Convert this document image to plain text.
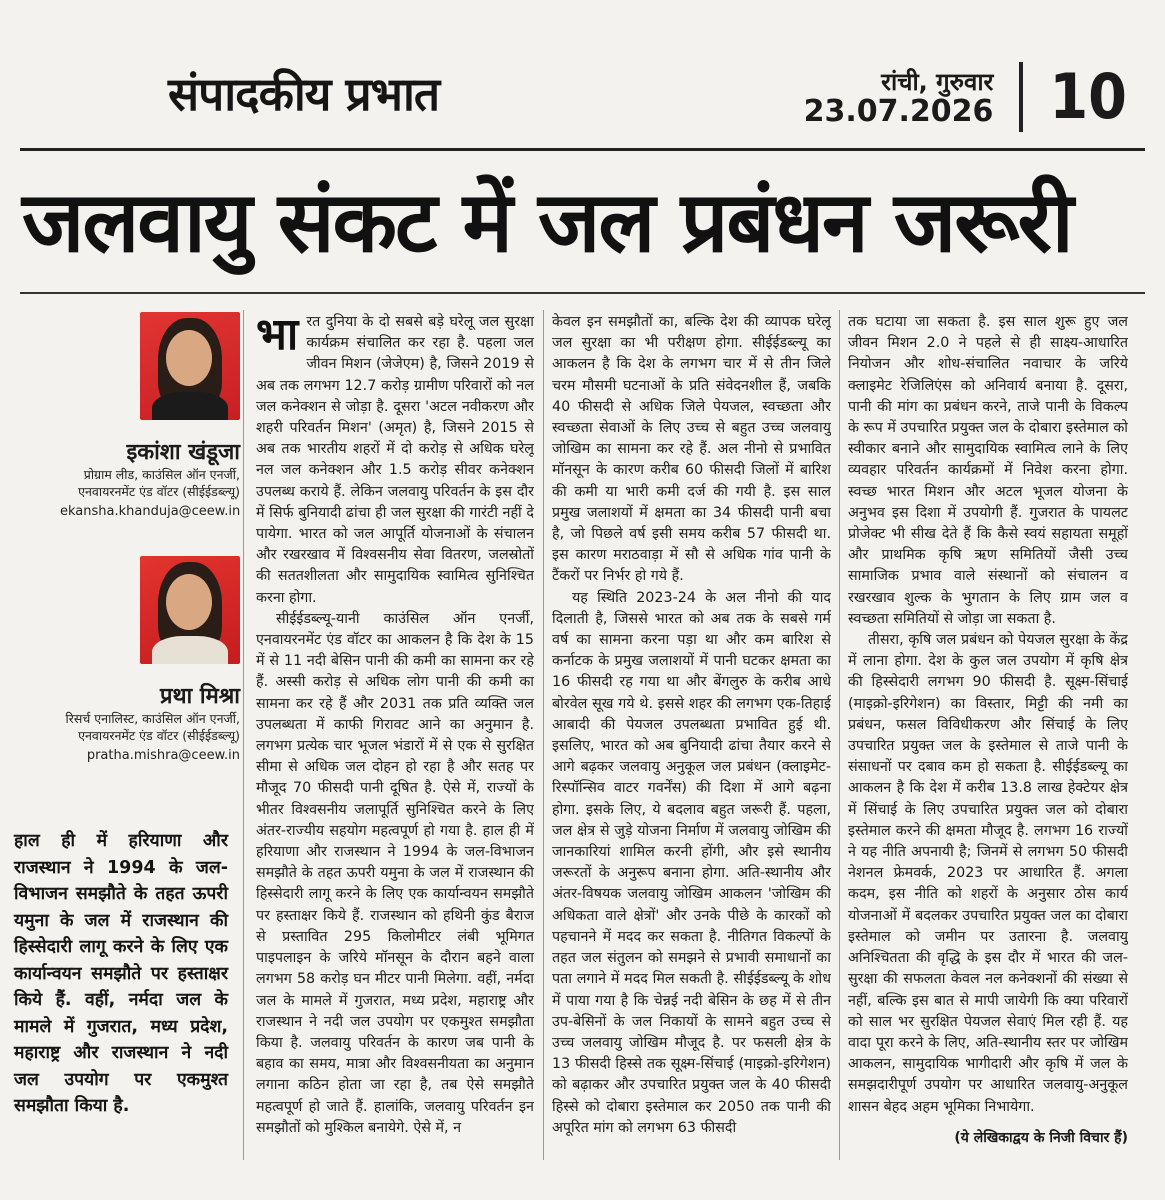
संपादकीय प्रभात	रांची, गुरुवार
23.07.2026 10
जलवायु संकट में जल प्रबंधन जरूरी
इकांशा खंडूजा
प्रोग्राम लीड, काउंसिल ऑन एनर्जी, एनवायरनमेंट एंड वॉटर (सीईईडब्ल्यू)
ekansha.khanduja@ceew.in
प्रथा मिश्रा
रिसर्च एनालिस्ट, काउंसिल ऑन एनर्जी, एनवायरनमेंट एंड वॉटर (सीईईडब्ल्यू)
pratha.mishra@ceew.in
हाल ही में हरियाणा और राजस्थान ने 1994 के जल-विभाजन समझौते के तहत ऊपरी यमुना के जल में राजस्थान की हिस्सेदारी लागू करने के लिए एक कार्यान्वयन समझौते पर हस्ताक्षर किये हैं. वहीं, नर्मदा जल के मामले में गुजरात, मध्य प्रदेश, महाराष्ट्र और राजस्थान ने नदी जल उपयोग पर एकमुश्त समझौता किया है.

भारत दुनिया के दो सबसे बड़े घरेलू जल सुरक्षा कार्यक्रम संचालित कर रहा है. पहला जल जीवन मिशन (जेजेएम) है, जिसने 2019 से अब तक लगभग 12.7 करोड़ ग्रामीण परिवारों को नल जल कनेक्शन से जोड़ा है. दूसरा 'अटल नवीकरण और शहरी परिवर्तन मिशन' (अमृत) है, जिसने 2015 से अब तक भारतीय शहरों में दो करोड़ से अधिक घरेलू नल जल कनेक्शन और 1.5 करोड़ सीवर कनेक्शन उपलब्ध कराये हैं. लेकिन जलवायु परिवर्तन के इस दौर में सिर्फ बुनियादी ढांचा ही जल सुरक्षा की गारंटी नहीं दे पायेगा. भारत को जल आपूर्ति योजनाओं के संचालन और रखरखाव में विश्वसनीय सेवा वितरण, जलस्रोतों की सततशीलता और सामुदायिक स्वामित्व सुनिश्चित करना होगा.

सीईईडब्ल्यू-यानी काउंसिल ऑन एनर्जी, एनवायरनमेंट एंड वॉटर का आकलन है कि देश के 15 में से 11 नदी बेसिन पानी की कमी का सामना कर रहे हैं. अस्सी करोड़ से अधिक लोग पानी की कमी का सामना कर रहे हैं और 2031 तक प्रति व्यक्ति जल उपलब्धता में काफी गिरावट आने का अनुमान है. लगभग प्रत्येक चार भूजल भंडारों में से एक से सुरक्षित सीमा से अधिक जल दोहन हो रहा है और सतह पर मौजूद 70 फीसदी पानी दूषित है. ऐसे में, राज्यों के भीतर विश्वसनीय जलापूर्ति सुनिश्चित करने के लिए अंतर-राज्यीय सहयोग महत्वपूर्ण हो गया है. हाल ही में हरियाणा और राजस्थान ने 1994 के जल-विभाजन समझौते के तहत ऊपरी यमुना के जल में राजस्थान की हिस्सेदारी लागू करने के लिए एक कार्यान्वयन समझौते पर हस्ताक्षर किये हैं. राजस्थान को हथिनी कुंड बैराज से प्रस्तावित 295 किलोमीटर लंबी भूमिगत पाइपलाइन के जरिये मॉनसून के दौरान बहने वाला लगभग 58 करोड़ घन मीटर पानी मिलेगा. वहीं, नर्मदा जल के मामले में गुजरात, मध्य प्रदेश, महाराष्ट्र और राजस्थान ने नदी जल उपयोग पर एकमुश्त समझौता किया है. जलवायु परिवर्तन के कारण जब पानी के बहाव का समय, मात्रा और विश्वसनीयता का अनुमान लगाना कठिन होता जा रहा है, तब ऐसे समझौते महत्वपूर्ण हो जाते हैं. हालांकि, जलवायु परिवर्तन इन समझौतों को मुश्किल बनायेगे. ऐसे में, न

केवल इन समझौतों का, बल्कि देश की व्यापक घरेलू जल सुरक्षा का भी परीक्षण होगा. सीईईडब्ल्यू का आकलन है कि देश के लगभग चार में से तीन जिले चरम मौसमी घटनाओं के प्रति संवेदनशील हैं, जबकि 40 फीसदी से अधिक जिले पेयजल, स्वच्छता और स्वच्छता सेवाओं के लिए उच्च से बहुत उच्च जलवायु जोखिम का सामना कर रहे हैं. अल नीनो से प्रभावित मॉनसून के कारण करीब 60 फीसदी जिलों में बारिश की कमी या भारी कमी दर्ज की गयी है. इस साल प्रमुख जलाशयों में क्षमता का 34 फीसदी पानी बचा है, जो पिछले वर्ष इसी समय करीब 57 फीसदी था. इस कारण मराठवाड़ा में सौ से अधिक गांव पानी के टैंकरों पर निर्भर हो गये हैं.

यह स्थिति 2023-24 के अल नीनो की याद दिलाती है, जिससे भारत को अब तक के सबसे गर्म वर्ष का सामना करना पड़ा था और कम बारिश से कर्नाटक के प्रमुख जलाशयों में पानी घटकर क्षमता का 16 फीसदी रह गया था और बेंगलुरु के करीब आधे बोरवेल सूख गये थे. इससे शहर की लगभग एक-तिहाई आबादी की पेयजल उपलब्धता प्रभावित हुई थी. इसलिए, भारत को अब बुनियादी ढांचा तैयार करने से आगे बढ़कर जलवायु अनुकूल जल प्रबंधन (क्लाइमेट-रिस्पॉन्सिव वाटर गवर्नेंस) की दिशा में आगे बढ़ना होगा. इसके लिए, ये बदलाव बहुत जरूरी हैं. पहला, जल क्षेत्र से जुड़े योजना निर्माण में जलवायु जोखिम की जानकारियां शामिल करनी होंगी, और इसे स्थानीय जरूरतों के अनुरूप बनाना होगा. अति-स्थानीय और अंतर-विषयक जलवायु जोखिम आकलन 'जोखिम की अधिकता वाले क्षेत्रों' और उनके पीछे के कारकों को पहचानने में मदद कर सकता है. नीतिगत विकल्पों के तहत जल संतुलन को समझने से प्रभावी समाधानों का पता लगाने में मदद मिल सकती है. सीईईडब्ल्यू के शोध में पाया गया है कि चेन्नई नदी बेसिन के छह में से तीन उप-बेसिनों के जल निकायों के सामने बहुत उच्च से उच्च जलवायु जोखिम मौजूद है. पर फसली क्षेत्र के 13 फीसदी हिस्से तक सूक्ष्म-सिंचाई (माइक्रो-इरिगेशन) को बढ़ाकर और उपचारित प्रयुक्त जल के 40 फीसदी हिस्से को दोबारा इस्तेमाल कर 2050 तक पानी की अपूरित मांग को लगभग 63 फीसदी

तक घटाया जा सकता है. इस साल शुरू हुए जल जीवन मिशन 2.0 ने पहले से ही साक्ष्य-आधारित नियोजन और शोध-संचालित नवाचार के जरिये क्लाइमेट रेजिलिएंस को अनिवार्य बनाया है. दूसरा, पानी की मांग का प्रबंधन करने, ताजे पानी के विकल्प के रूप में उपचारित प्रयुक्त जल के दोबारा इस्तेमाल को स्वीकार बनाने और सामुदायिक स्वामित्व लाने के लिए व्यवहार परिवर्तन कार्यक्रमों में निवेश करना होगा. स्वच्छ भारत मिशन और अटल भूजल योजना के अनुभव इस दिशा में उपयोगी हैं. गुजरात के पायलट प्रोजेक्ट भी सीख देते हैं कि कैसे स्वयं सहायता समूहों और प्राथमिक कृषि ऋण समितियों जैसी उच्च सामाजिक प्रभाव वाले संस्थानों को संचालन व रखरखाव शुल्क के भुगतान के लिए ग्राम जल व स्वच्छता समितियों से जोड़ा जा सकता है.

तीसरा, कृषि जल प्रबंधन को पेयजल सुरक्षा के केंद्र में लाना होगा. देश के कुल जल उपयोग में कृषि क्षेत्र की हिस्सेदारी लगभग 90 फीसदी है. सूक्ष्म-सिंचाई (माइक्रो-इरिगेशन) का विस्तार, मिट्टी की नमी का प्रबंधन, फसल विविधीकरण और सिंचाई के लिए उपचारित प्रयुक्त जल के इस्तेमाल से ताजे पानी के संसाधनों पर दबाव कम हो सकता है. सीईईडब्ल्यू का आकलन है कि देश में करीब 13.8 लाख हेक्टेयर क्षेत्र में सिंचाई के लिए उपचारित प्रयुक्त जल को दोबारा इस्तेमाल करने की क्षमता मौजूद है. लगभग 16 राज्यों ने यह नीति अपनायी है; जिनमें से लगभग 50 फीसदी नेशनल फ्रेमवर्क, 2023 पर आधारित हैं. अगला कदम, इस नीति को शहरों के अनुसार ठोस कार्य योजनाओं में बदलकर उपचारित प्रयुक्त जल का दोबारा इस्तेमाल को जमीन पर उतारना है. जलवायु अनिश्चितता की वृद्धि के इस दौर में भारत की जल-सुरक्षा की सफलता केवल नल कनेक्शनों की संख्या से नहीं, बल्कि इस बात से मापी जायेगी कि क्या परिवारों को साल भर सुरक्षित पेयजल सेवाएं मिल रही हैं. यह वादा पूरा करने के लिए, अति-स्थानीय स्तर पर जोखिम आकलन, सामुदायिक भागीदारी और कृषि में जल के समझदारीपूर्ण उपयोग पर आधारित जलवायु-अनुकूल शासन बेहद अहम भूमिका निभायेगा.

(ये लेखिकाद्वय के निजी विचार हैं)
